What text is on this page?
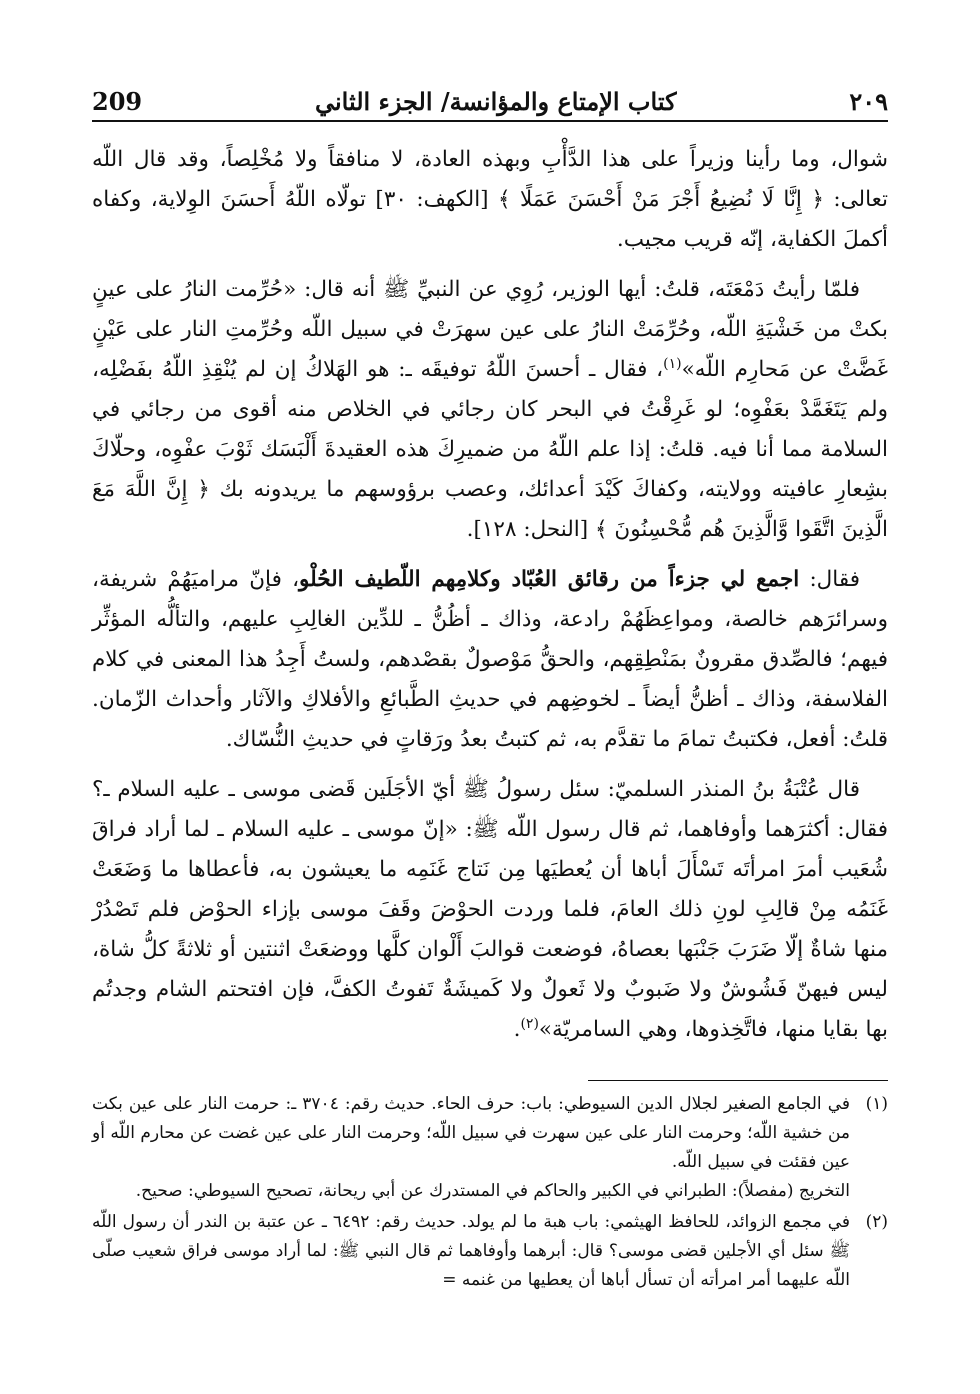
٢٠٩
كتاب الإمتاع والمؤانسة/ الجزء الثاني
209

شوال، وما رأينا وزيراً على هذا الدَّأْبِ وبهذه العادة، لا منافقاً ولا مُخْلِصاً، وقد قال اللّه تعالى: ﴿ إِنَّا لَا نُضِيعُ أَجْرَ مَنْ أَحْسَنَ عَمَلًا ﴾ [الكهف: ٣٠] تولّاه اللّهُ أَحسَنَ الوِلاية، وكفاه أكملَ الكفاية، إنّه قريب مجيب.

فلمّا رأيتُ دَمْعَتَه، قلتُ: أيها الوزير، رُوِي عن النبيِّ ﷺ أنه قال: «حُرِّمت النارُ على عينٍ بكتْ من خَشْيَةِ اللّه، وحُرِّمَتْ النارُ على عين سهرَتْ في سبيل اللّه وحُرِّمتِ النار على عَيْنٍ غَضَّتْ عن مَحارِم اللّه»$^{(١)}$، فقال ـ أحسنَ اللّهُ توفيقَه ـ: هو الهَلاكُ إن لم يُنْقِذِ اللّهُ بفَضْلِه، ولم يَتَغَمَّدْ بعَفْوِه؛ لو غَرِقْتُ في البحر كان رجائي في الخلاص منه أقوى من رجائي في السلامة مما أنا فيه. قلتُ: إذا علم اللّهُ من ضميرِكَ هذه العقيدةَ أَلْبَسَك ثَوْبَ عفْوِه، وحلّاكَ بشِعارِ عافيته وولايته، وكفاكَ كَيْدَ أعدائك، وعصب برؤوسهم ما يريدونه بك ﴿ إِنَّ اللَّهَ مَعَ الَّذِينَ اتَّقَوا وَّالَّذِينَ هُم مُّحْسِنُونَ ﴾ [النحل: ١٢٨].

فقال: اجمع لي جزءاً من رقائق العُبّاد وكلامِهم اللّطيف الحُلْو، فإنّ مراميَهُمْ شريفة، وسرائرَهم خالصة، ومواعِظَهُمْ رادعة، وذاك ـ أظُنُّ ـ للدِّين الغالِبِ عليهم، والتألُّه المؤثِّر فيهم؛ فالصِّدق مقرونٌ بمَنْطِقِهم، والحقُّ مَوْصولٌ بقصْدهم، ولستُ أَجِدُ هذا المعنى في كلام الفلاسفة، وذاك ـ أظنُّ أيضاً ـ لخوضِهم في حديثِ الطَّبائعِ والأفلاكِ والآثار وأحداث الزّمان. قلتُ: أفعل، فكتبتُ تمامَ ما تقدَّم به، ثم كتبتُ بعدُ ورَقاتٍ في حديثِ النُّسّاك.

قال عُتْبَةُ بنُ المنذر السلميّ: سئل رسولُ ﷺ أيّ الأجَلَين قَضى موسى ـ عليه السلام ـ؟ فقال: أكثرَهما وأوفاهما، ثم قال رسول اللّه ﷺ: «إنّ موسى ـ عليه السلام ـ لما أراد فراقَ شُعَيب أمرَ امرأتَه تَسْأَلَ أباها أن يُعطيَها مِن نَتاج غَنَمِه ما يعيشون به، فأعطاها ما وَضَعَتْ غَنَمُه مِنْ قالِبِ لونِ ذلك العامَ، فلما وردت الحوْضَ وقَفَ موسى بإزاء الحوْض فلم تَصْدُرْ منها شاةٌ إلّا ضَرَبَ جَنْبَها بعصاهُ، فوضعت قوالبَ أَلْوان كلَّها ووضعَتْ اثنتين أو ثلاثةً كلُّ شاة، ليس فيهنّ فَشُوشٌ ولا ضَبوبٌ ولا ثَعولٌ ولا كَميشَةٌ تَفوتُ الكفَّ، فإن افتحتم الشام وجدتُم بها بقايا منها، فاتَّخِذوها، وهي السامريّة»$^{(٢)}$.

(١)
في الجامع الصغير لجلال الدين السيوطي: باب: حرف الحاء. حديث رقم: ٣٧٠٤ ـ: حرمت النار على عين بكت من خشية اللّه؛ وحرمت النار على عين سهرت في سبيل اللّه؛ وحرمت النار على عين غضت عن محارم اللّه أو عين فقئت في سبيل اللّه.
التخريج (مفصلاً): الطبراني في الكبير والحاكم في المستدرك عن أبي ريحانة، تصحيح السيوطي: صحيح.
(٢)
في مجمع الزوائد، للحافظ الهيثمي: باب هبة ما لم يولد. حديث رقم: ٦٤٩٢ ـ عن عتبة بن الندر أن رسول اللّه ﷺ سئل أي الأجلين قضى موسى؟ قال: أبرهما وأوفاهما ثم قال النبي ﷺ: لما أراد موسى فراق شعيب صلّى اللّه عليهما أمر امرأته أن تسأل أباها أن يعطيها من غنمه =
